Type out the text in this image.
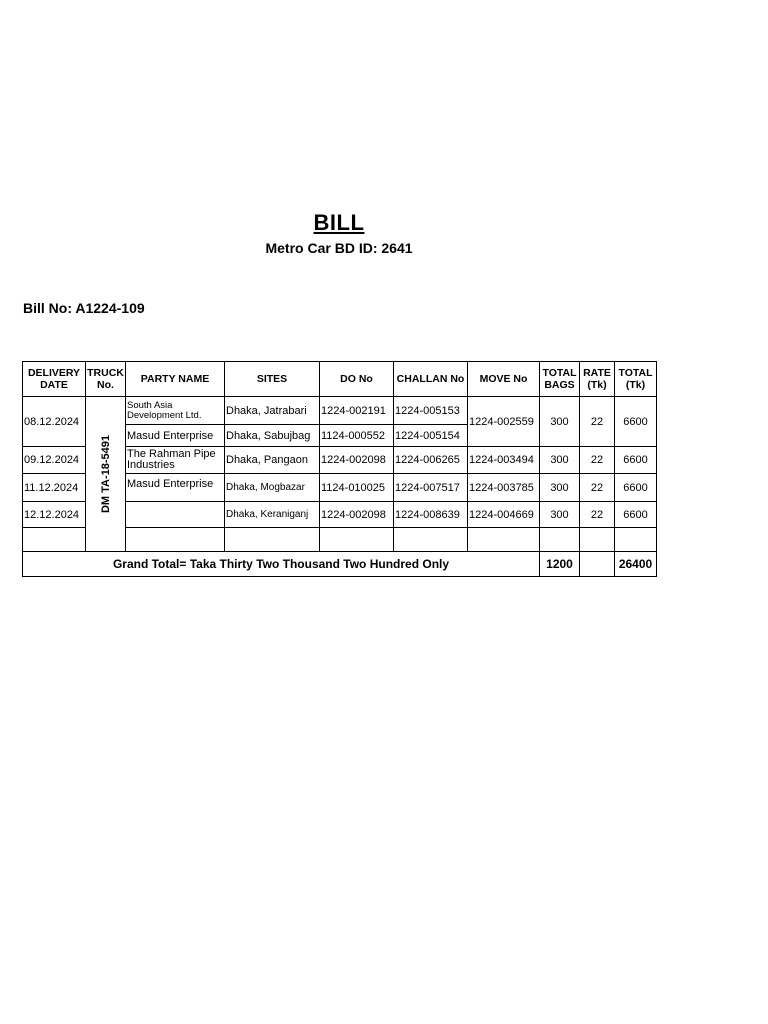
BILL
Metro Car BD ID: 2641
Bill No: A1224-109
DELIVERY DATE	TRUCK No.	PARTY NAME	SITES	DO No	CHALLAN No	MOVE No	TOTAL BAGS	RATE (Tk)	TOTAL (Tk)
08.12.2024	DM TA-18-5491	South Asia Development Ltd.	Dhaka, Jatrabari	1224-002191	1224-005153	1224-002559	300	22	6600
		Masud Enterprise	Dhaka, Sabujbag	1124-000552	1224-005154				
09.12.2024		The Rahman Pipe Industries	Dhaka, Pangaon	1224-002098	1224-006265	1224-003494	300	22	6600
11.12.2024		Masud Enterprise	Dhaka, Mogbazar	1124-010025	1224-007517	1224-003785	300	22	6600
12.12.2024			Dhaka, Keraniganj	1224-002098	1224-008639	1224-004669	300	22	6600

Grand Total= Taka Thirty Two Thousand Two Hundred Only							1200		26400
